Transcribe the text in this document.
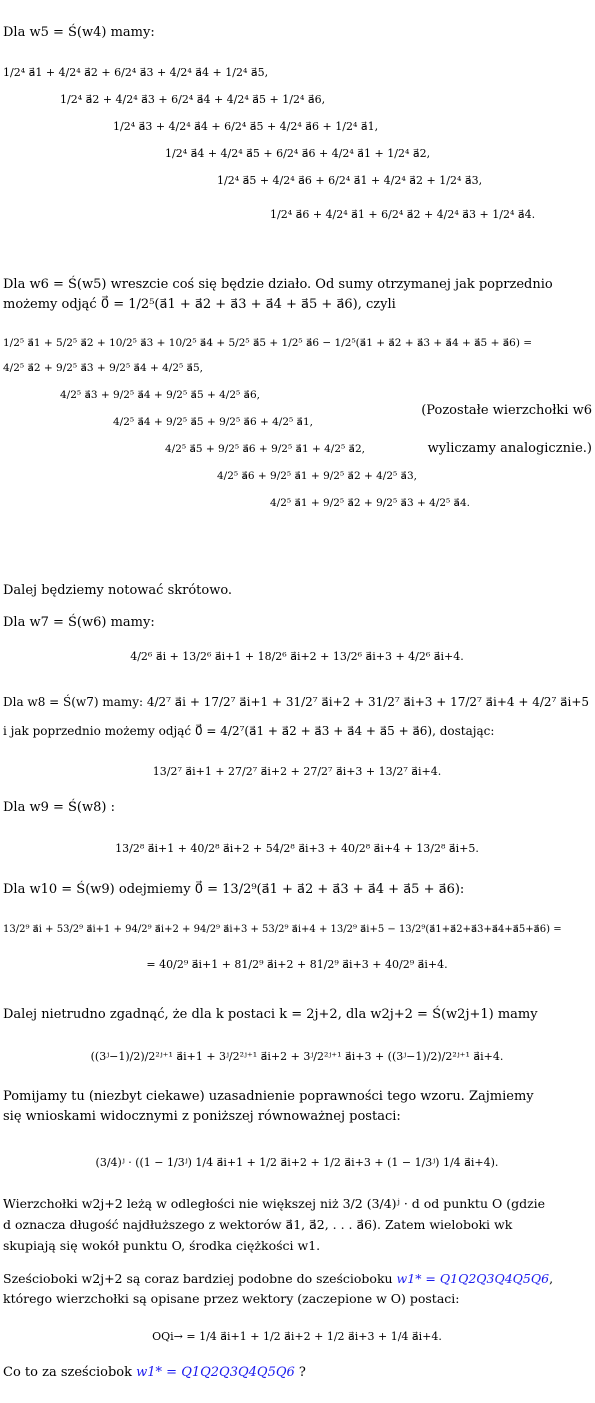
Dla w5 = Ś(w4) mamy:
1/2⁴ a⃗1 + 4/2⁴ a⃗2 + 6/2⁴ a⃗3 + 4/2⁴ a⃗4 + 1/2⁴ a⃗5,
1/2⁴ a⃗2 + 4/2⁴ a⃗3 + 6/2⁴ a⃗4 + 4/2⁴ a⃗5 + 1/2⁴ a⃗6,
1/2⁴ a⃗3 + 4/2⁴ a⃗4 + 6/2⁴ a⃗5 + 4/2⁴ a⃗6 + 1/2⁴ a⃗1,
1/2⁴ a⃗4 + 4/2⁴ a⃗5 + 6/2⁴ a⃗6 + 4/2⁴ a⃗1 + 1/2⁴ a⃗2,
1/2⁴ a⃗5 + 4/2⁴ a⃗6 + 6/2⁴ a⃗1 + 4/2⁴ a⃗2 + 1/2⁴ a⃗3,
1/2⁴ a⃗6 + 4/2⁴ a⃗1 + 6/2⁴ a⃗2 + 4/2⁴ a⃗3 + 1/2⁴ a⃗4.
Dla w6 = Ś(w5) wreszcie coś się będzie działo. Od sumy otrzymanej jak poprzednio
możemy odjąć 0⃗ = 1/2⁵(a⃗1 + a⃗2 + a⃗3 + a⃗4 + a⃗5 + a⃗6), czyli
1/2⁵ a⃗1 + 5/2⁵ a⃗2 + 10/2⁵ a⃗3 + 10/2⁵ a⃗4 + 5/2⁵ a⃗5 + 1/2⁵ a⃗6 − 1/2⁵(a⃗1 + a⃗2 + a⃗3 + a⃗4 + a⃗5 + a⃗6) =
4/2⁵ a⃗2 + 9/2⁵ a⃗3 + 9/2⁵ a⃗4 + 4/2⁵ a⃗5,
4/2⁵ a⃗3 + 9/2⁵ a⃗4 + 9/2⁵ a⃗5 + 4/2⁵ a⃗6,
4/2⁵ a⃗4 + 9/2⁵ a⃗5 + 9/2⁵ a⃗6 + 4/2⁵ a⃗1,
4/2⁵ a⃗5 + 9/2⁵ a⃗6 + 9/2⁵ a⃗1 + 4/2⁵ a⃗2,
4/2⁵ a⃗6 + 9/2⁵ a⃗1 + 9/2⁵ a⃗2 + 4/2⁵ a⃗3,
4/2⁵ a⃗1 + 9/2⁵ a⃗2 + 9/2⁵ a⃗3 + 4/2⁵ a⃗4.
(Pozostałe wierzchołki w6
wyliczamy analogicznie.)
Dalej będziemy notować skrótowo.
Dla w7 = Ś(w6) mamy:
4/2⁶ a⃗i + 13/2⁶ a⃗i+1 + 18/2⁶ a⃗i+2 + 13/2⁶ a⃗i+3 + 4/2⁶ a⃗i+4.
Dla w8 = Ś(w7) mamy: 4/2⁷ a⃗i + 17/2⁷ a⃗i+1 + 31/2⁷ a⃗i+2 + 31/2⁷ a⃗i+3 + 17/2⁷ a⃗i+4 + 4/2⁷ a⃗i+5
i jak poprzednio możemy odjąć 0⃗ = 4/2⁷(a⃗1 + a⃗2 + a⃗3 + a⃗4 + a⃗5 + a⃗6), dostając:
13/2⁷ a⃗i+1 + 27/2⁷ a⃗i+2 + 27/2⁷ a⃗i+3 + 13/2⁷ a⃗i+4.
Dla w9 = Ś(w8) :
13/2⁸ a⃗i+1 + 40/2⁸ a⃗i+2 + 54/2⁸ a⃗i+3 + 40/2⁸ a⃗i+4 + 13/2⁸ a⃗i+5.
Dla w10 = Ś(w9) odejmiemy 0⃗ = 13/2⁹(a⃗1 + a⃗2 + a⃗3 + a⃗4 + a⃗5 + a⃗6):
13/2⁹ a⃗i + 53/2⁹ a⃗i+1 + 94/2⁹ a⃗i+2 + 94/2⁹ a⃗i+3 + 53/2⁹ a⃗i+4 + 13/2⁹ a⃗i+5 − 13/2⁹(a⃗1+a⃗2+a⃗3+a⃗4+a⃗5+a⃗6) =
= 40/2⁹ a⃗i+1 + 81/2⁹ a⃗i+2 + 81/2⁹ a⃗i+3 + 40/2⁹ a⃗i+4.
Dalej nietrudno zgadnąć, że dla k postaci k = 2j+2, dla w2j+2 = Ś(w2j+1) mamy
((3ʲ−1)/2)/2²ʲ⁺¹ a⃗i+1 + 3ʲ/2²ʲ⁺¹ a⃗i+2 + 3ʲ/2²ʲ⁺¹ a⃗i+3 + ((3ʲ−1)/2)/2²ʲ⁺¹ a⃗i+4.
Pomijamy tu (niezbyt ciekawe) uzasadnienie poprawności tego wzoru. Zajmiemy
się wnioskami widocznymi z poniższej równoważnej postaci:
(3/4)ʲ · ((1 − 1/3ʲ) 1/4 a⃗i+1 + 1/2 a⃗i+2 + 1/2 a⃗i+3 + (1 − 1/3ʲ) 1/4 a⃗i+4).
Wierzchołki w2j+2 leżą w odległości nie większej niż 3/2 (3/4)ʲ · d od punktu O (gdzie
d oznacza długość najdłuższego z wektorów a⃗1, a⃗2, . . . a⃗6). Zatem wieloboki wk
skupiają się wokół punktu O, środka ciężkości w1.
Sześcioboki w2j+2 są coraz bardziej podobne do sześcioboku w1* = Q1Q2Q3Q4Q5Q6,
którego wierzchołki są opisane przez wektory (zaczepione w O) postaci:
OQi→ = 1/4 a⃗i+1 + 1/2 a⃗i+2 + 1/2 a⃗i+3 + 1/4 a⃗i+4.
Co to za sześciobok w1* = Q1Q2Q3Q4Q5Q6 ?
